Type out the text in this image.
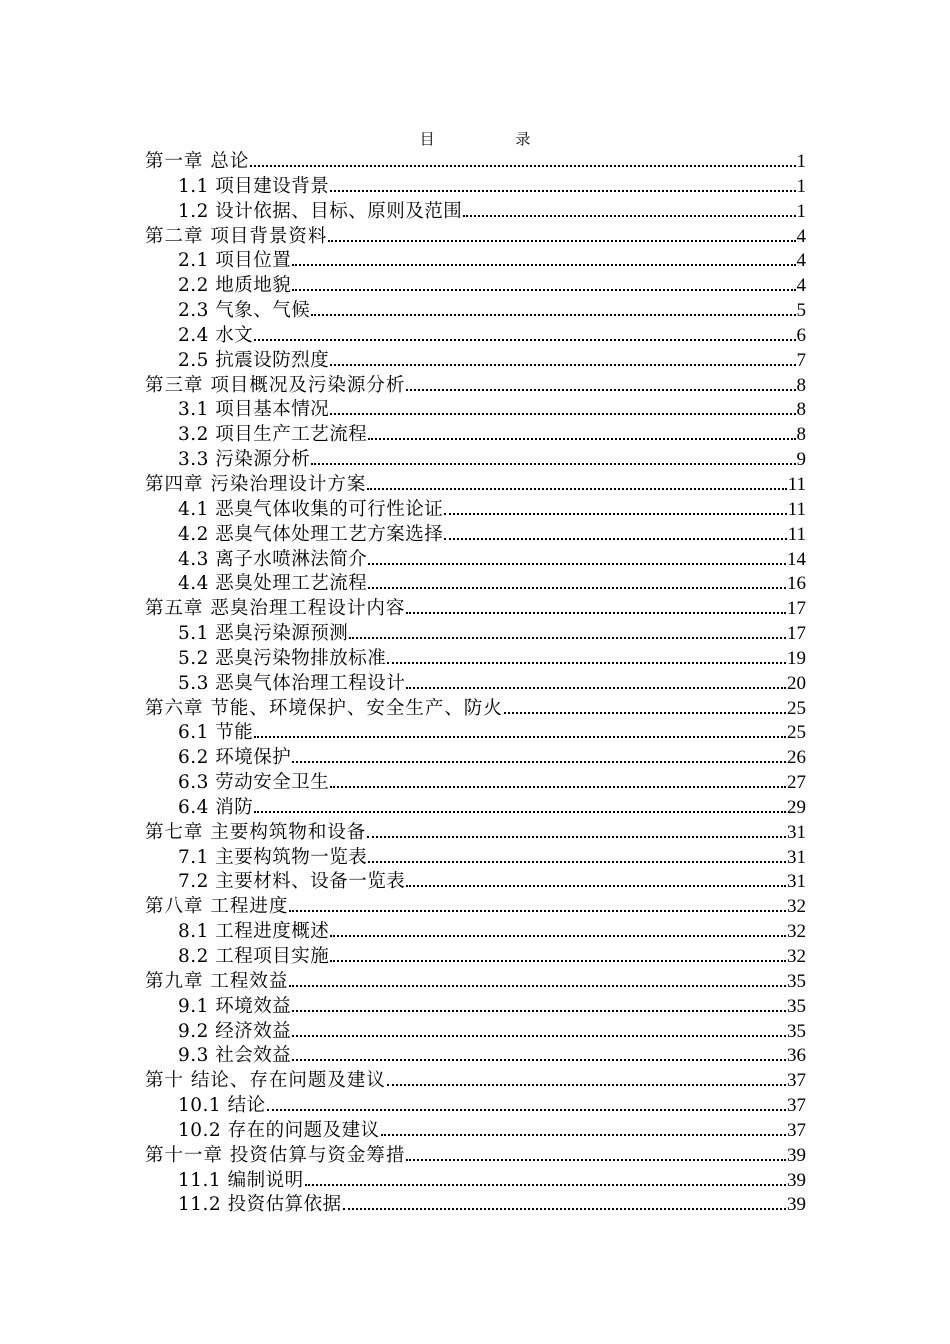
目 录
第一章 总论	1
1.1 项目建设背景	1
1.2 设计依据、目标、原则及范围	1
第二章 项目背景资料	4
2.1 项目位置	4
2.2 地质地貌	4
2.3 气象、气候	5
2.4 水文	6
2.5 抗震设防烈度	7
第三章 项目概况及污染源分析	8
3.1 项目基本情况	8
3.2 项目生产工艺流程	8
3.3 污染源分析	9
第四章 污染治理设计方案	11
4.1 恶臭气体收集的可行性论证	11
4.2 恶臭气体处理工艺方案选择	11
4.3 离子水喷淋法简介	14
4.4 恶臭处理工艺流程	16
第五章 恶臭治理工程设计内容	17
5.1 恶臭污染源预测	17
5.2 恶臭污染物排放标准	19
5.3 恶臭气体治理工程设计	20
第六章 节能、环境保护、安全生产、防火	25
6.1 节能	25
6.2 环境保护	26
6.3 劳动安全卫生	27
6.4 消防	29
第七章 主要构筑物和设备	31
7.1 主要构筑物一览表	31
7.2 主要材料、设备一览表	31
第八章 工程进度	32
8.1 工程进度概述	32
8.2 工程项目实施	32
第九章 工程效益	35
9.1 环境效益	35
9.2 经济效益	35
9.3 社会效益	36
第十 结论、存在问题及建议	37
10.1 结论	37
10.2 存在的问题及建议	37
第十一章 投资估算与资金筹措	39
11.1 编制说明	39
11.2 投资估算依据	39
